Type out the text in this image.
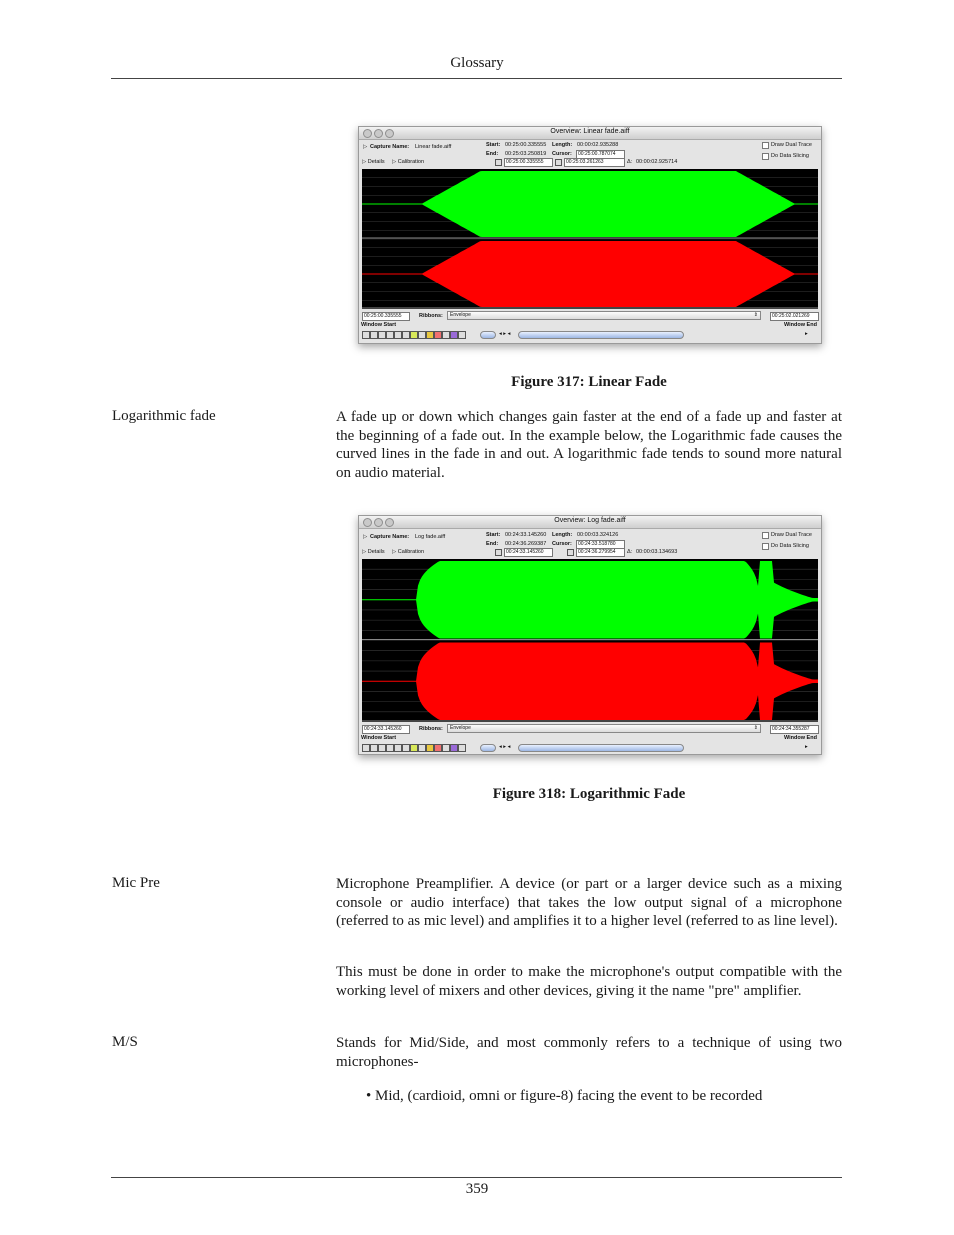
Glossary
Overview: Linear fade.aiff
▷ Capture Name: Linear fade.aiff
▷ Details ▷ Calibration
Start: 00:25:00.335555 Length: 00:00:02.935288
End: 00:25:03.250819 Cursor:	00:25:00.787074
00:25:00.335555	00:25:03.261263	Δ: 00:00:02.925714
Draw Dual Trace
Do Data Slicing
00:25:00.335555	Ribbons:	Envelope	⇕	00:25:02.021269
Window Start	Window End
◂ ▸ ◂	▸
Figure 317: Linear Fade
Logarithmic fade	A fade up or down which changes gain faster at the end of a fade up and faster at the beginning of a fade out. In the example below, the Logarithmic fade causes the curved lines in the fade in and out. A logarithmic fade tends to sound more natural on audio material.
Overview: Log fade.aiff
▷ Capture Name: Log fade.aiff
▷ Details ▷ Calibration
Start: 00:24:33.145260 Length: 00:00:03.324126
End: 00:24:36.269387 Cursor:	00:24:33.518780
00:24:33.145260	00:24:36.279954	Δ: 00:00:03.134693
Draw Dual Trace
Do Data Slicing
00:24:33.145260	Ribbons:	Envelope	⇕	00:24:34.355287
Window Start	Window End
◂ ▸ ◂	▸
Figure 318: Logarithmic Fade
Mic Pre	Microphone Preamplifier. A device (or part or a larger device such as a mixing console or audio interface) that takes the low output signal of a microphone (referred to as mic level) and amplifies it to a higher level (referred to as line level).
This must be done in order to make the microphone's output compatible with the working level of mixers and other devices, giving it the name "pre" amplifier.
M/S	Stands for Mid/Side, and most commonly refers to a technique of using two microphones-
• Mid, (cardioid, omni or figure-8) facing the event to be recorded
359
